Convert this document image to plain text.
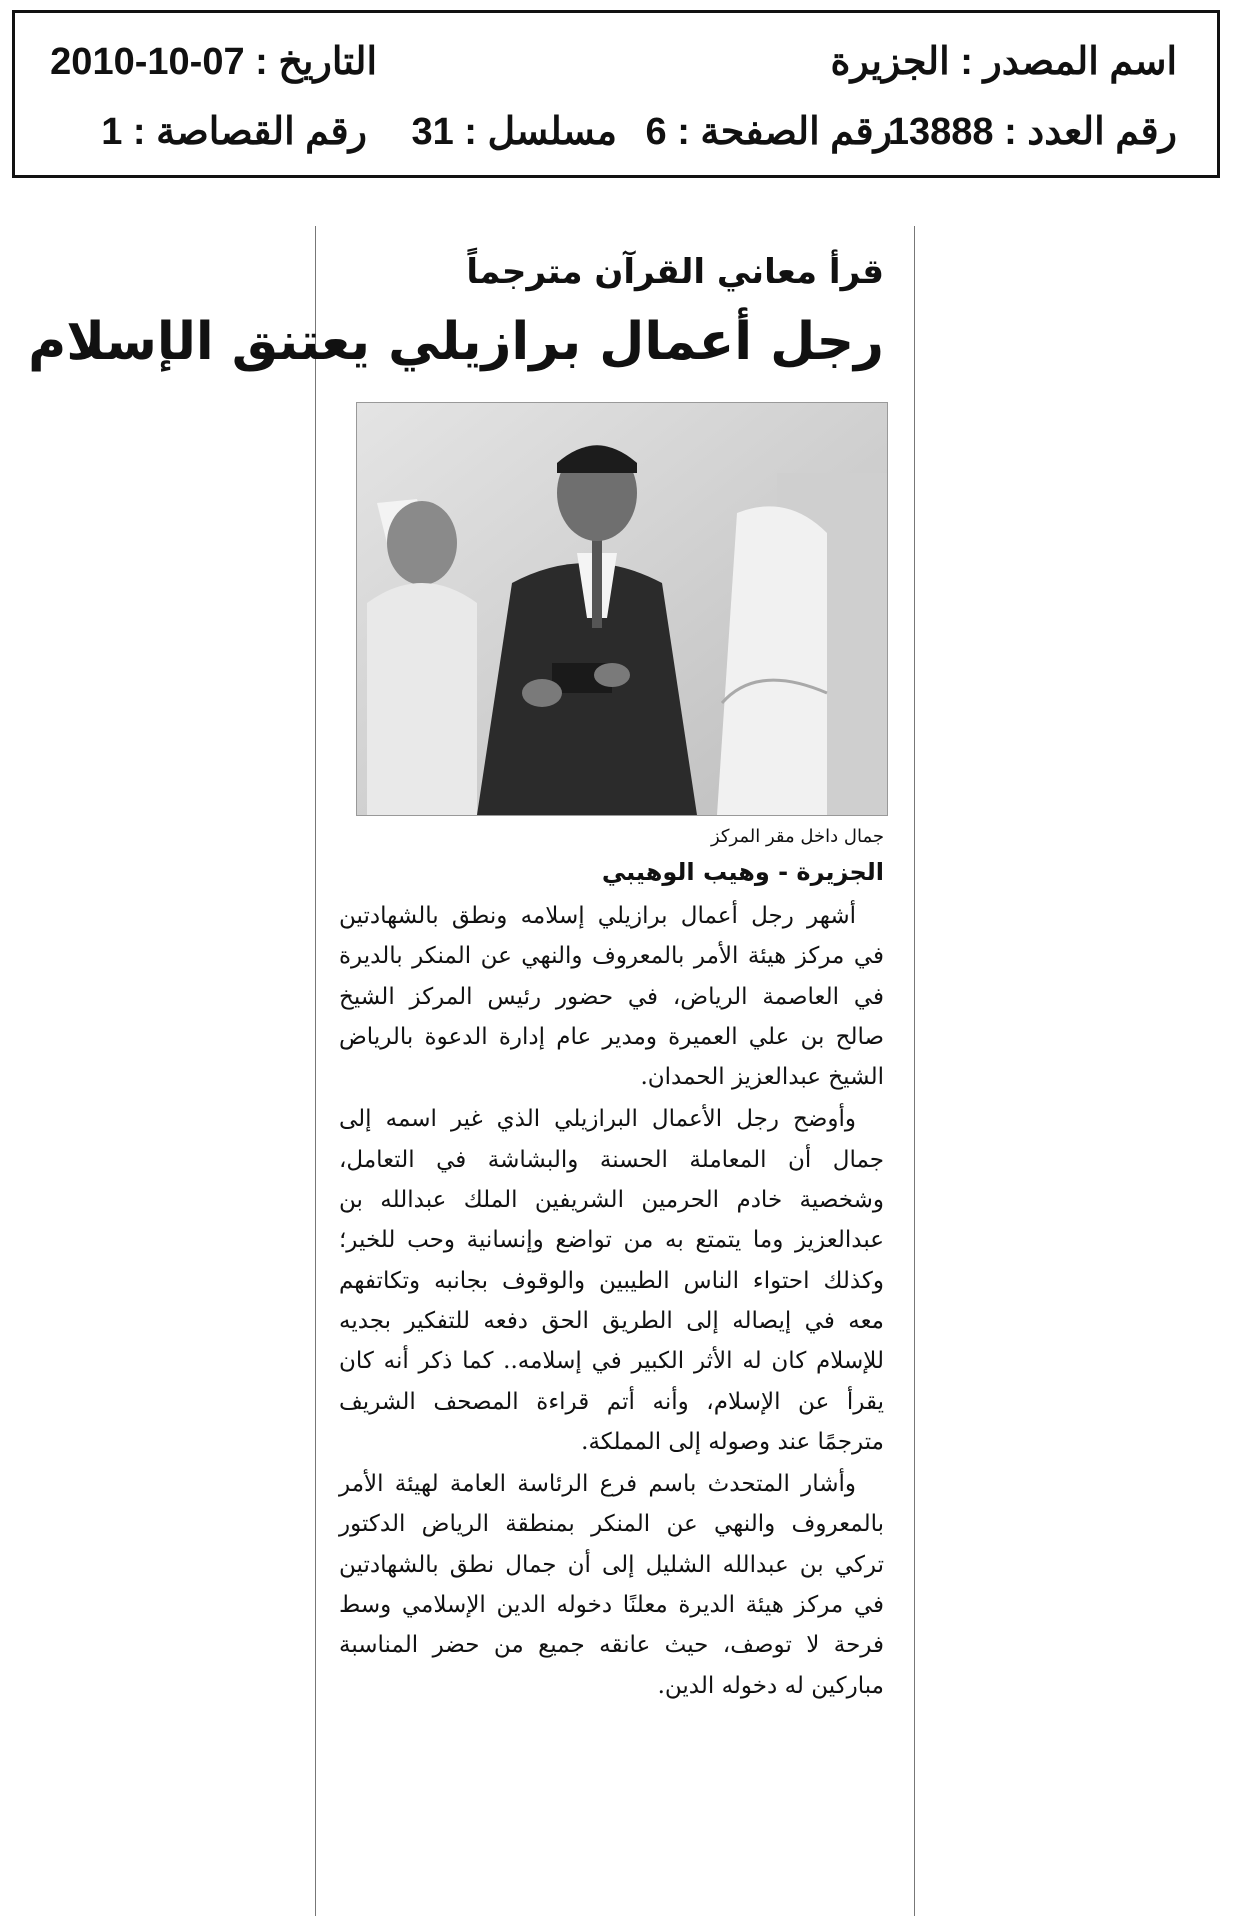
اسم المصدر : الجزيرة
التاريخ : 07-10-2010
رقم العدد : 13888
رقم الصفحة : 6
مسلسل : 31
رقم القصاصة : 1
قرأ معاني القرآن مترجماً
رجل أعمال برازيلي يعتنق الإسلام
جمال داخل مقر المركز
الجزيرة - وهيب الوهيبي

أشهر رجل أعمال برازيلي إسلامه ونطق بالشهادتين في مركز هيئة الأمر بالمعروف والنهي عن المنكر بالديرة في العاصمة الرياض، في حضور رئيس المركز الشيخ صالح بن علي العميرة ومدير عام إدارة الدعوة بالرياض الشيخ عبدالعزيز الحمدان.

وأوضح رجل الأعمال البرازيلي الذي غير اسمه إلى جمال أن المعاملة الحسنة والبشاشة في التعامل، وشخصية خادم الحرمين الشريفين الملك عبدالله بن عبدالعزيز وما يتمتع به من تواضع وإنسانية وحب للخير؛ وكذلك احتواء الناس الطيبين والوقوف بجانبه وتكاتفهم معه في إيصاله إلى الطريق الحق دفعه للتفكير بجديه للإسلام كان له الأثر الكبير في إسلامه.. كما ذكر أنه كان يقرأ عن الإسلام، وأنه أتم قراءة المصحف الشريف مترجمًا عند وصوله إلى المملكة.

وأشار المتحدث باسم فرع الرئاسة العامة لهيئة الأمر بالمعروف والنهي عن المنكر بمنطقة الرياض الدكتور تركي بن عبدالله الشليل إلى أن جمال نطق بالشهادتين في مركز هيئة الديرة معلنًا دخوله الدين الإسلامي وسط فرحة لا توصف، حيث عانقه جميع من حضر المناسبة مباركين له دخوله الدين.
